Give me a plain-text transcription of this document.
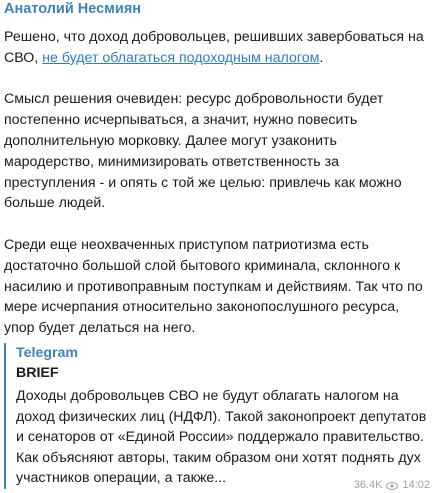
Анатолий Несмиян

Решено, что доход добровольцев, решивших завербоваться на СВО, не будет облагаться подоходным налогом.

Смысл решения очевиден: ресурс добровольности будет постепенно исчерпываться, а значит, нужно повесить дополнительную морковку. Далее могут узаконить мародерство, минимизировать ответственность за преступления - и опять с той же целью: привлечь как можно больше людей.

Среди еще неохваченных приступом патриотизма есть достаточно большой слой бытового криминала, склонного к насилию и противоправным поступкам и действиям. Так что по мере исчерпания относительно законопослушного ресурса, упор будет делаться на него.

Telegram
BRIEF
Доходы добровольцев СВО не будут облагать налогом на доход физических лиц (НДФЛ). Такой законопроект депутатов и сенаторов от «Единой России» поддержало правительство. Как объясняют авторы, таким образом они хотят поднять дух участников операции, а также...	36.4K 14:02
